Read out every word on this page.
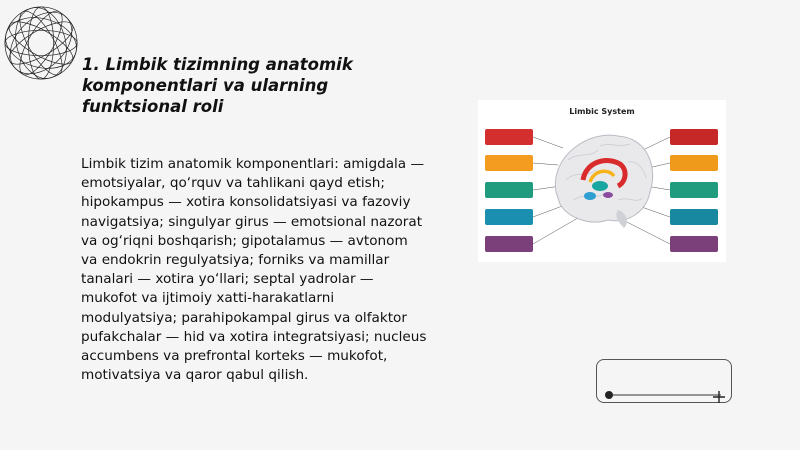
1. Limbik tizimning anatomik komponentlari va ularning funktsional roli
Limbik tizim anatomik komponentlari: amigdala — emotsiyalar, qo‘rquv va tahlikani qayd etish; hipokampus — xotira konsolidatsiyasi va fazoviy navigatsiya; singulyar girus — emotsional nazorat va og‘riqni boshqarish; gipotalamus — avtonom va endokrin regulyatsiya; forniks va mamillar tanalari — xotira yo‘llari; septal yadrolar — mukofot va ijtimoiy xatti-harakatlarni modulyatsiya; parahipokampal girus va olfaktor pufakchalar — hid va xotira integratsiyasi; nucleus accumbens va prefrontal korteks — mukofot, motivatsiya va qaror qabul qilish.
Limbic System
